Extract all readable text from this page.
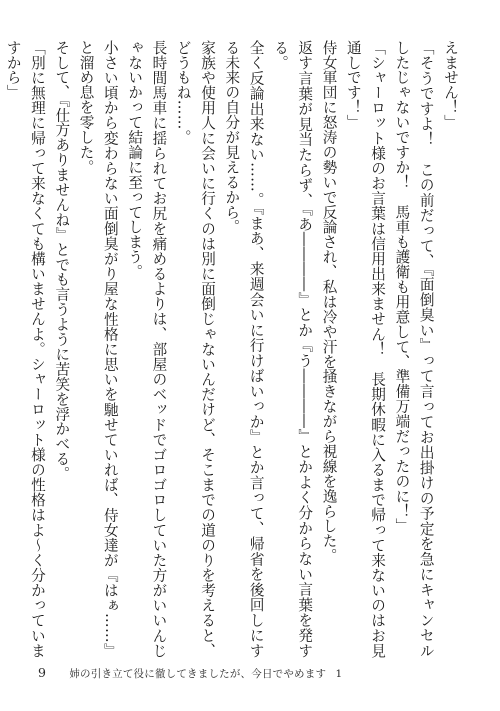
えません！」

「そうですよ！　この前だって、『面倒臭い』って言ってお出掛けの予定を急にキャンセルしたじゃないですか！　馬車も護衛も用意して、準備万端だったのに！」

「シャーロット様のお言葉は信用出来ません！　長期休暇に入るまで帰って来ないのはお見通しです！」

侍女軍団に怒涛の勢いで反論され、私は冷や汗を掻きながら視線を逸らした。

返す言葉が見当たらず、『あ――――』とか『う――――』とかよく分からない言葉を発する。

全く反論出来ない……。『まあ、来週会いに行けばいっか』とか言って、帰省を後回しにする未来の自分が見えるから。

家族や使用人に会いに行くのは別に面倒じゃないんだけど、そこまでの道のりを考えると、どうもね……。

長時間馬車に揺られてお尻を痛めるよりは、部屋のベッドでゴロゴロしていた方がいいんじゃないかって結論に至ってしまう。

小さい頃から変わらない面倒臭がり屋な性格に思いを馳せていれば、侍女達が『はぁ……』と溜め息を零した。

そして、『仕方ありませんね』とでも言うように苦笑を浮かべる。

「別に無理に帰って来なくても構いませんよ。シャーロット様の性格はよ～く分かっていますから」

9 姉の引き立て役に徹してきましたが、今日でやめます 1
